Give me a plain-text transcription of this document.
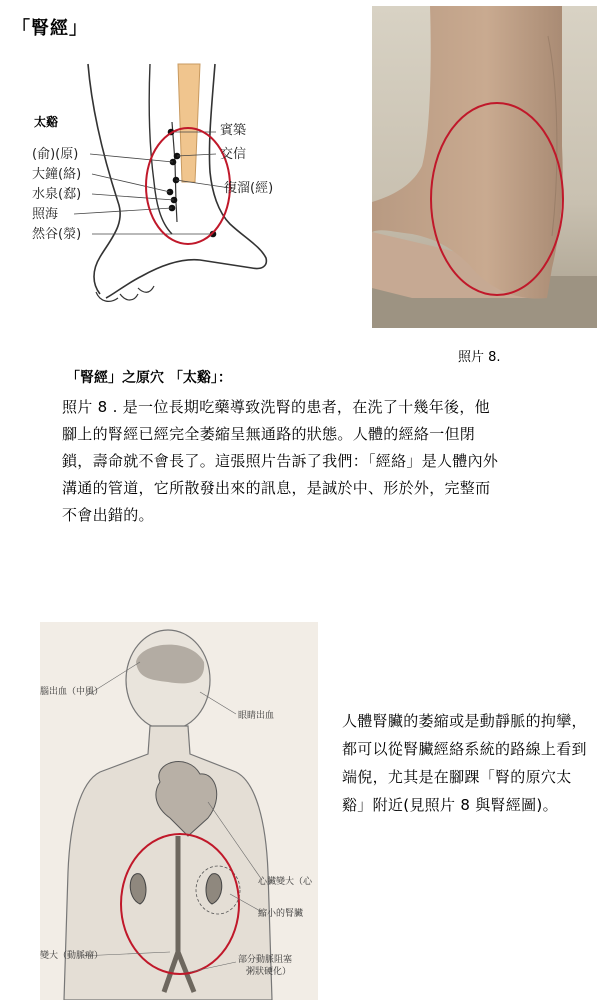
「腎經」
太谿
(俞)(原)
大鐘(絡)
水泉(郄)
照海
然谷(滎)
賓築
交信
復溜(經)
照片 8.
「腎經」之原穴 「太谿」：
照片 8 . 是一位長期吃藥導致洗腎的患者，在洗了十幾年後，他腳上的腎經已經完全萎縮呈無通路的狀態。人體的經絡一但閉鎖，壽命就不會長了。這張照片告訴了我們：「經絡」是人體內外溝通的管道，它所散發出來的訊息，是誠於中、形於外，完整而不會出錯的。
腦出血（中風）
眼睛出血
心臟變大（心
縮小的腎臟
變大（動脈瘤）	部分動脈阻塞
粥狀硬化）
人體腎臟的萎縮或是動靜脈的拘攣，都可以從腎臟經絡系統的路線上看到端倪，尤其是在腳踝「腎的原穴太谿」附近(見照片 8 與腎經圖)。
